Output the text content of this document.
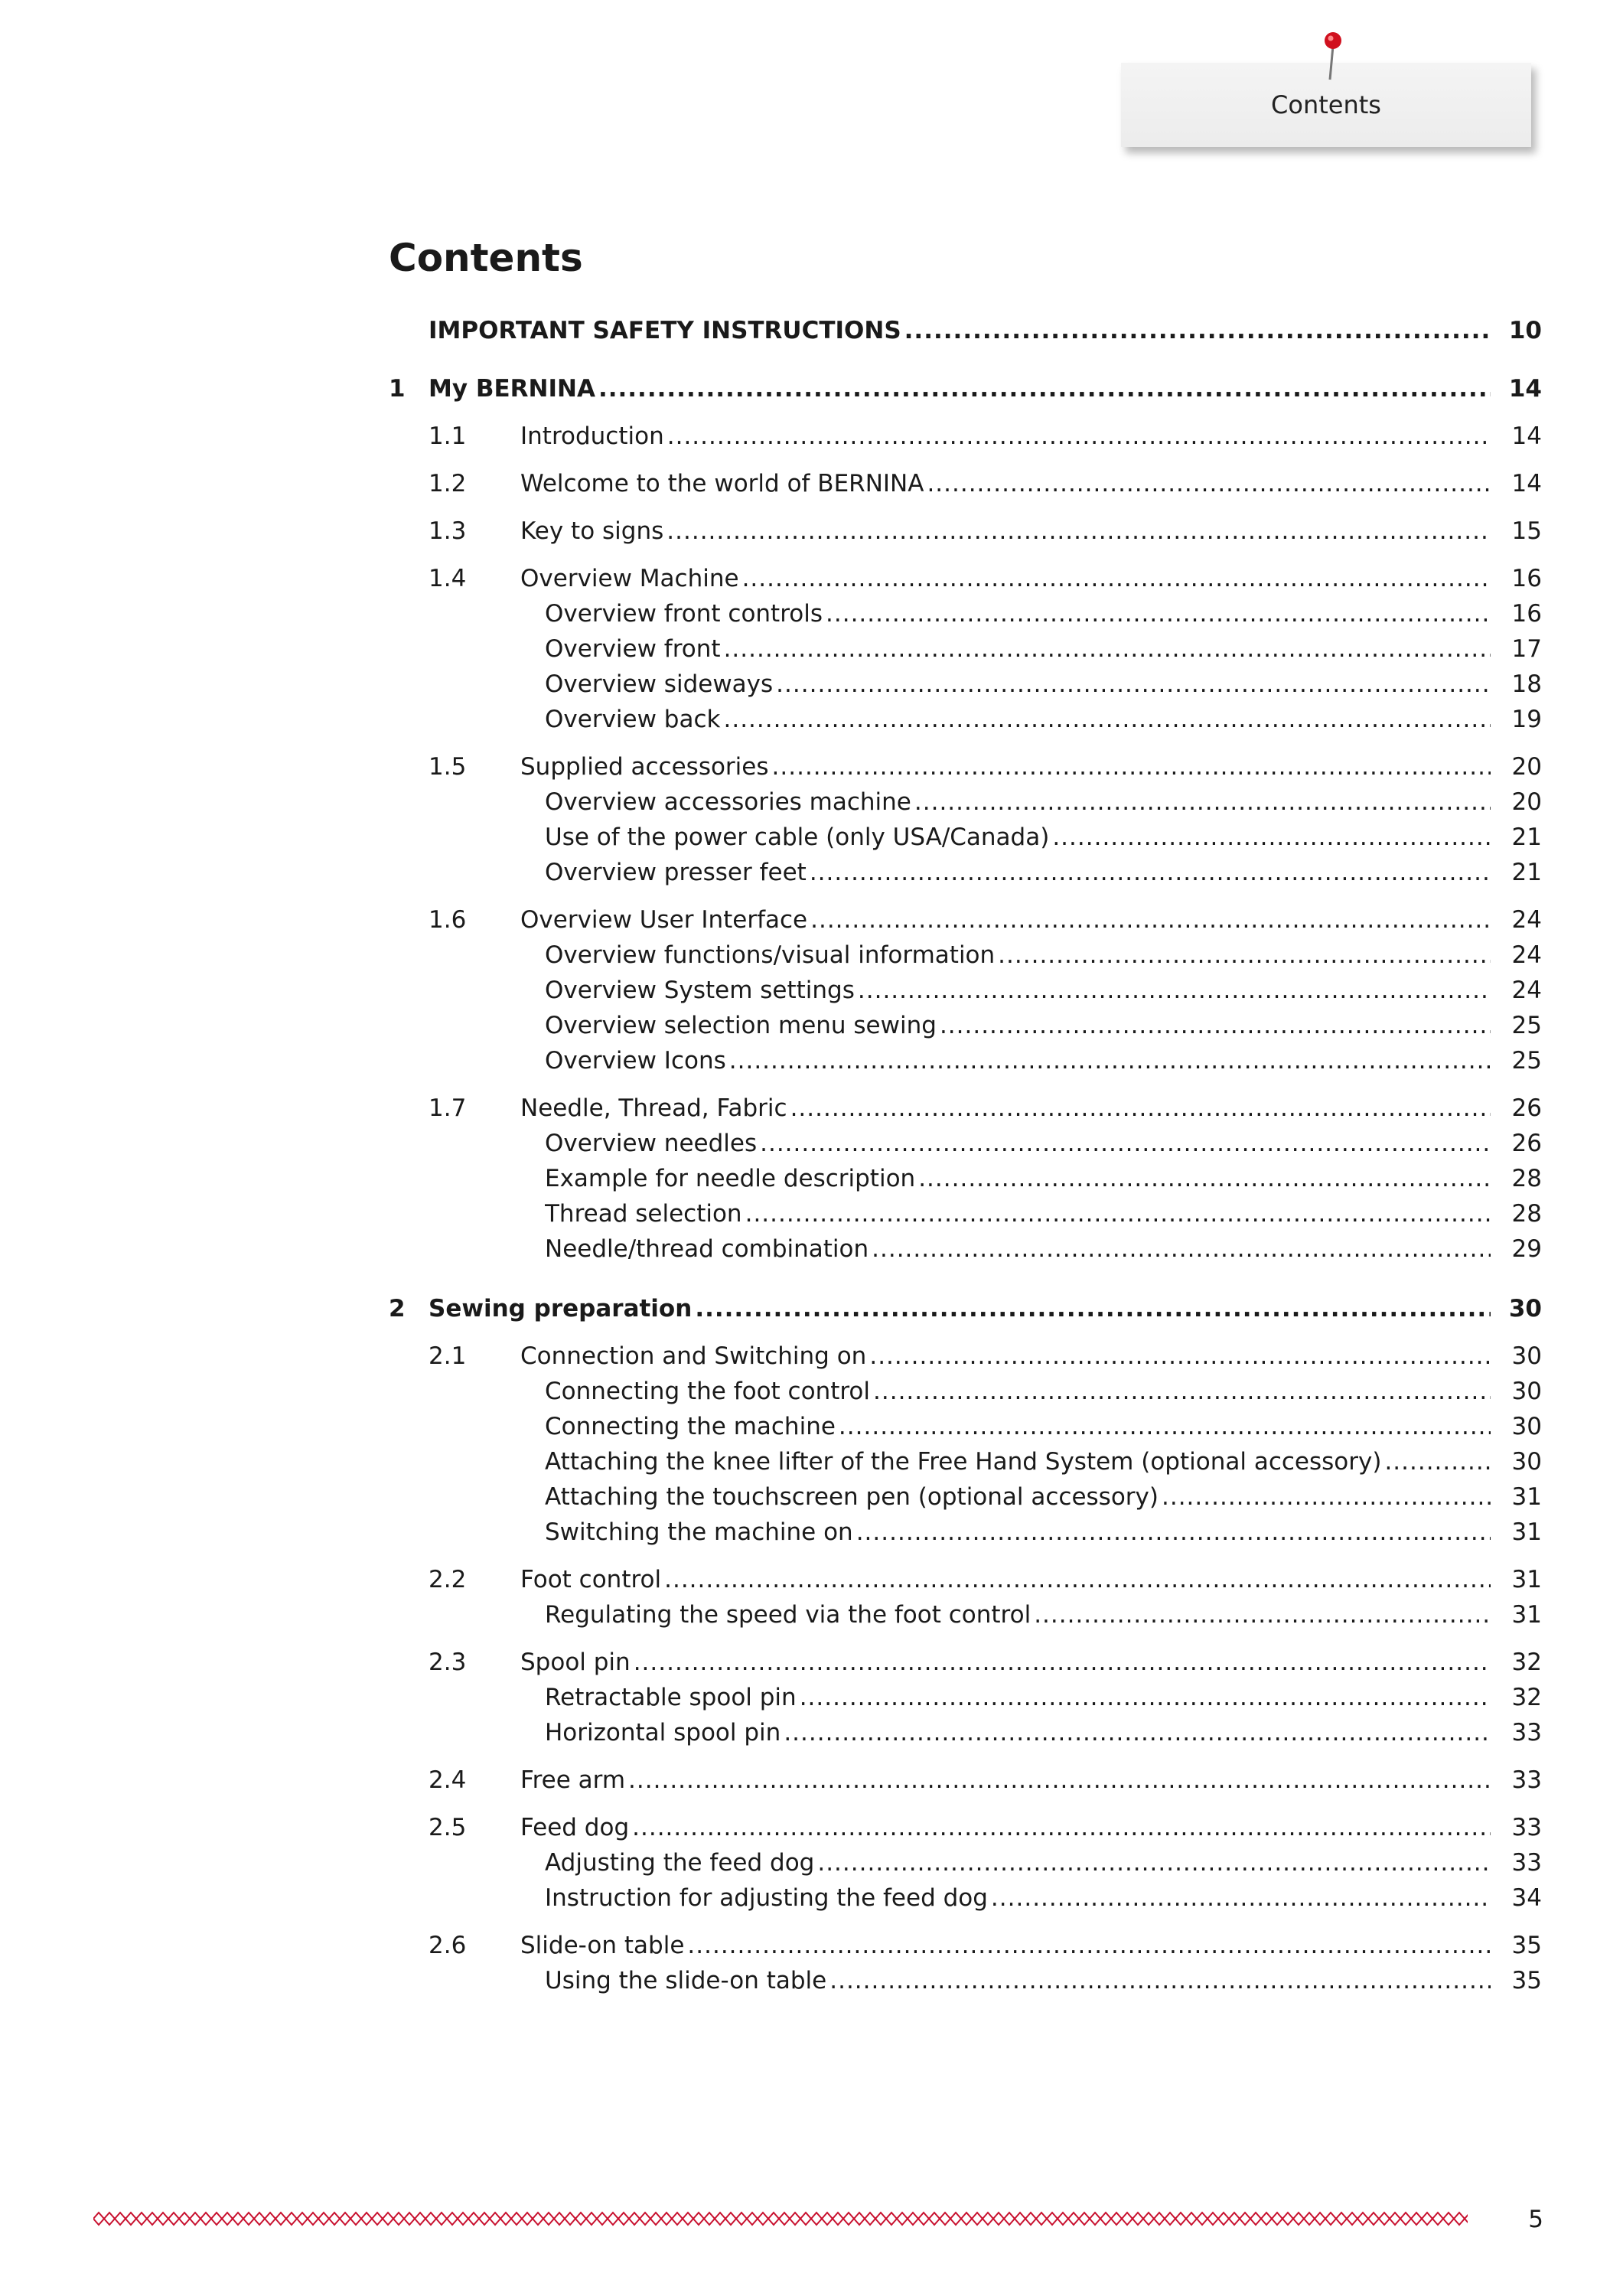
Contents
Contents
IMPORTANT SAFETY INSTRUCTIONS .....	10
1 My BERNINA .....	14
1.1 Introduction .....	14
1.2 Welcome to the world of BERNINA .....	14
1.3 Key to signs .....	15
1.4 Overview Machine .....	16
Overview front controls .....	16
Overview front .....	17
Overview sideways .....	18
Overview back .....	19
1.5 Supplied accessories .....	20
Overview accessories machine .....	20
Use of the power cable (only USA/Canada) .....	21
Overview presser feet .....	21
1.6 Overview User Interface .....	24
Overview functions/visual information .....	24
Overview System settings .....	24
Overview selection menu sewing .....	25
Overview Icons .....	25
1.7 Needle, Thread, Fabric .....	26
Overview needles .....	26
Example for needle description .....	28
Thread selection .....	28
Needle/thread combination .....	29
2 Sewing preparation .....	30
2.1 Connection and Switching on .....	30
Connecting the foot control .....	30
Connecting the machine .....	30
Attaching the knee lifter of the Free Hand System (optional accessory) .....	30
Attaching the touchscreen pen (optional accessory) .....	31
Switching the machine on .....	31
2.2 Foot control .....	31
Regulating the speed via the foot control .....	31
2.3 Spool pin .....	32
Retractable spool pin .....	32
Horizontal spool pin .....	33
2.4 Free arm .....	33
2.5 Feed dog .....	33
Adjusting the feed dog .....	33
Instruction for adjusting the feed dog .....	34
2.6 Slide-on table .....	35
Using the slide-on table .....	35
5
